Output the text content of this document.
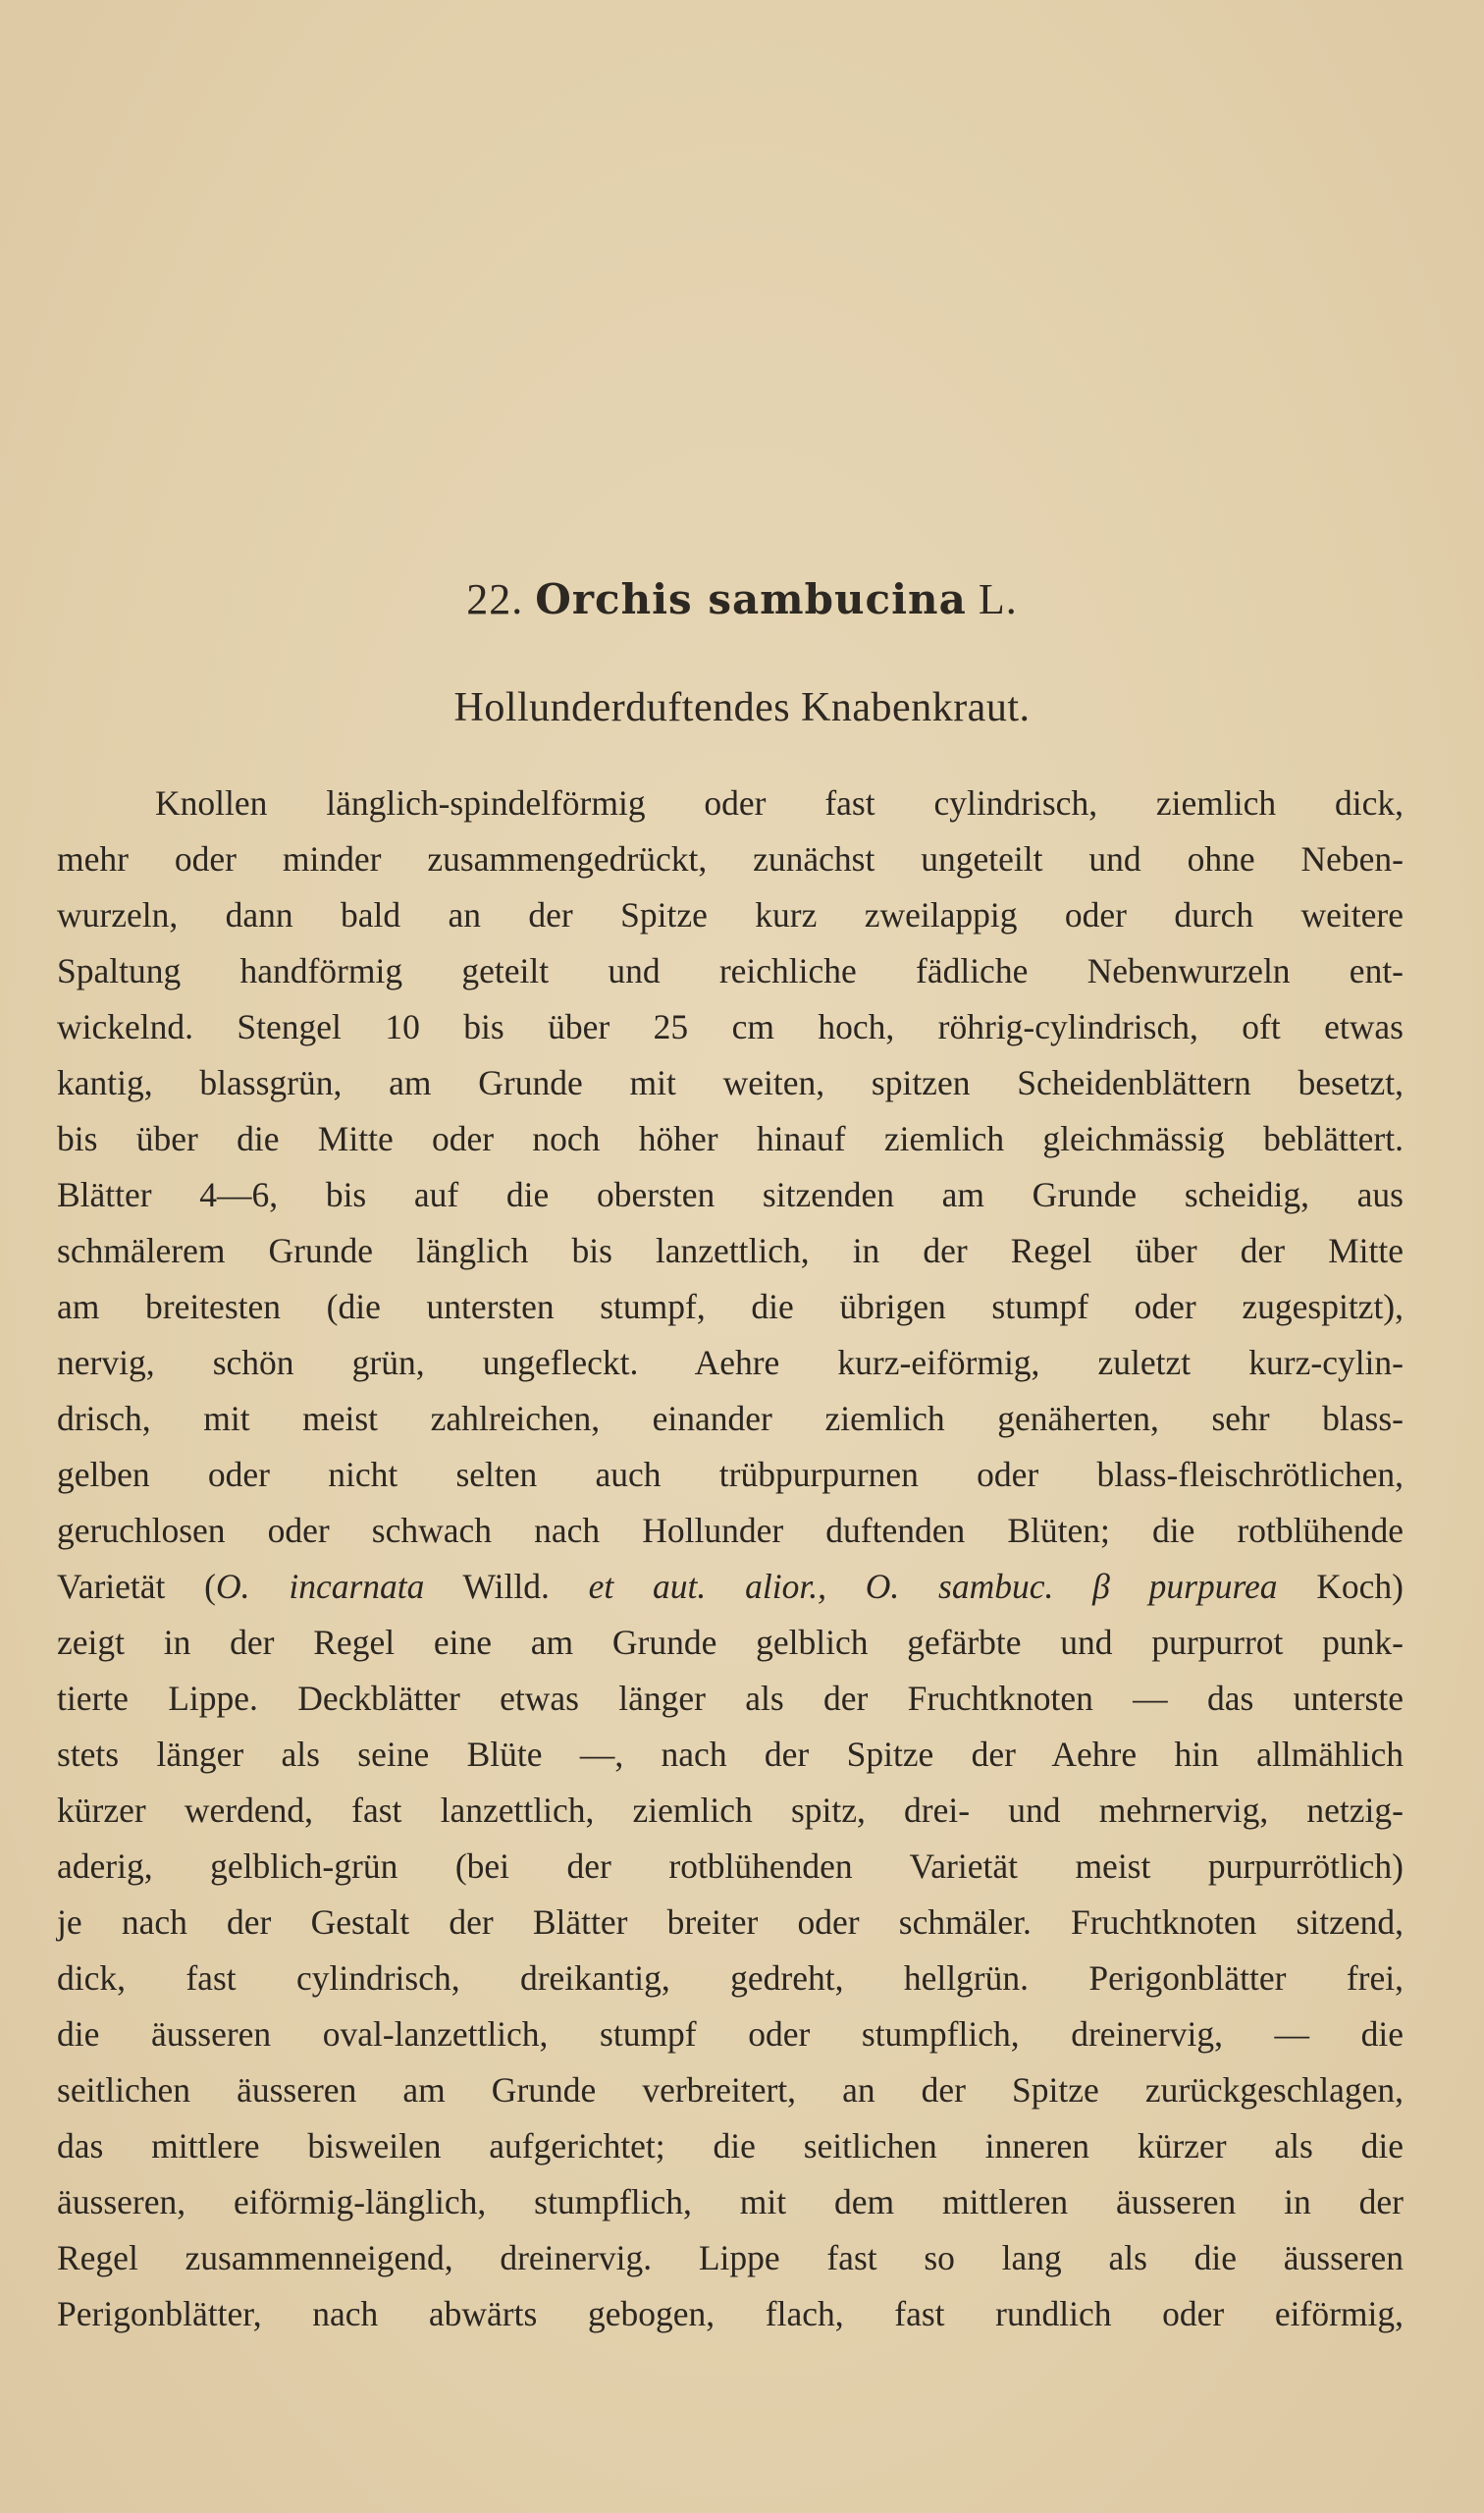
22. Orchis sambucina L.
Hollunderduftendes Knabenkraut.
Knollen länglich-spindelförmig oder fast cylindrisch, ziemlich dick,
mehr oder minder zusammengedrückt, zunächst ungeteilt und ohne Neben-
wurzeln, dann bald an der Spitze kurz zweilappig oder durch weitere
Spaltung handförmig geteilt und reichliche fädliche Nebenwurzeln ent-
wickelnd. Stengel 10 bis über 25 cm hoch, röhrig-cylindrisch, oft etwas
kantig, blassgrün, am Grunde mit weiten, spitzen Scheidenblättern besetzt,
bis über die Mitte oder noch höher hinauf ziemlich gleichmässig beblättert.
Blätter 4—6, bis auf die obersten sitzenden am Grunde scheidig, aus
schmälerem Grunde länglich bis lanzettlich, in der Regel über der Mitte
am breitesten (die untersten stumpf, die übrigen stumpf oder zugespitzt),
nervig, schön grün, ungefleckt. Aehre kurz-eiförmig, zuletzt kurz-cylin-
drisch, mit meist zahlreichen, einander ziemlich genäherten, sehr blass-
gelben oder nicht selten auch trübpurpurnen oder blass-fleischrötlichen,
geruchlosen oder schwach nach Hollunder duftenden Blüten; die rotblühende
Varietät (O. incarnata Willd. et aut. alior., O. sambuc. β purpurea Koch)
zeigt in der Regel eine am Grunde gelblich gefärbte und purpurrot punk-
tierte Lippe. Deckblätter etwas länger als der Fruchtknoten — das unterste
stets länger als seine Blüte —, nach der Spitze der Aehre hin allmählich
kürzer werdend, fast lanzettlich, ziemlich spitz, drei- und mehrnervig, netzig-
aderig, gelblich-grün (bei der rotblühenden Varietät meist purpurrötlich)
je nach der Gestalt der Blätter breiter oder schmäler. Fruchtknoten sitzend,
dick, fast cylindrisch, dreikantig, gedreht, hellgrün. Perigonblätter frei,
die äusseren oval-lanzettlich, stumpf oder stumpflich, dreinervig, — die
seitlichen äusseren am Grunde verbreitert, an der Spitze zurückgeschlagen,
das mittlere bisweilen aufgerichtet; die seitlichen inneren kürzer als die
äusseren, eiförmig-länglich, stumpflich, mit dem mittleren äusseren in der
Regel zusammenneigend, dreinervig. Lippe fast so lang als die äusseren
Perigonblätter, nach abwärts gebogen, flach, fast rundlich oder eiförmig,
